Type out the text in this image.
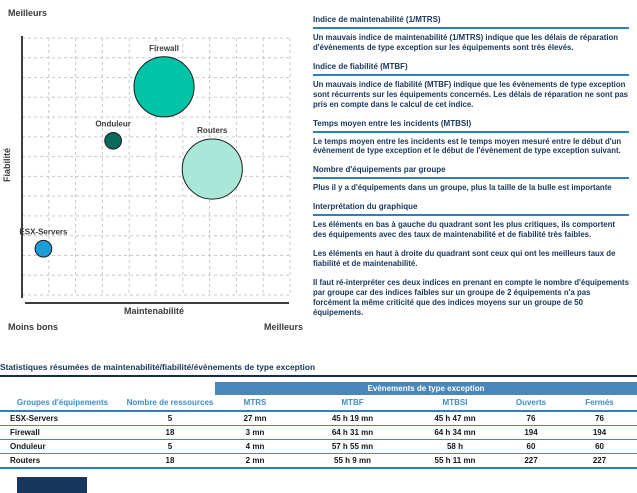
Meilleurs
Firewall
Onduleur
Routers
ESX-Servers
Fiabilité
Maintenabilité
Moins bons	Meilleurs
Indice de maintenabilité (1/MTRS)

Un mauvais indice de maintenabilité (1/MTRS) indique que les délais de réparation d'évènements de type exception sur les équipements sont très élevés.

Indice de fiabilité (MTBF)

Un mauvais indice de fiabilité (MTBF) indique que les évènements de type exception sont récurrents sur les équipements concernés. Les délais de réparation ne sont pas pris en compte dans le calcul de cet indice.

Temps moyen entre les incidents (MTBSI)

Le temps moyen entre les incidents est le temps moyen mesuré entre le début d'un évènement de type exception et le début de l'évènement de type exception suivant.

Nombre d'équipements par groupe

Plus il y a d'équipements dans un groupe, plus la taille de la bulle est importante

Interprétation du graphique

Les éléments en bas à gauche du quadrant sont les plus critiques, ils comportent des équipements avec des taux de maintenabilité et de fiabilité très faibles.

Les éléments en haut à droite du quadrant sont ceux qui ont les meilleurs taux de fiabilité et de maintenabilité.

Il faut ré-interpréter ces deux indices en prenant en compte le nombre d'équipements par groupe car des indices faibles sur un groupe de 2 équipements n'a pas forcément la même criticité que des indices moyens sur un groupe de 50 équipements.

Statistiques résumées de maintenabilité/fiabilité/évènements de type exception
		Evènements de type exception				
Groupes d'équipements	Nombre de ressources	MTRS	MTBF	MTBSI	Ouverts	Fermés
ESX-Servers	5	27 mn	45 h 19 mn	45 h 47 mn	76	76
Firewall	18	3 mn	64 h 31 mn	64 h 34 mn	194	194
Onduleur	5	4 mn	57 h 55 mn	58 h	60	60
Routers	18	2 mn	55 h 9 mn	55 h 11 mn	227	227
